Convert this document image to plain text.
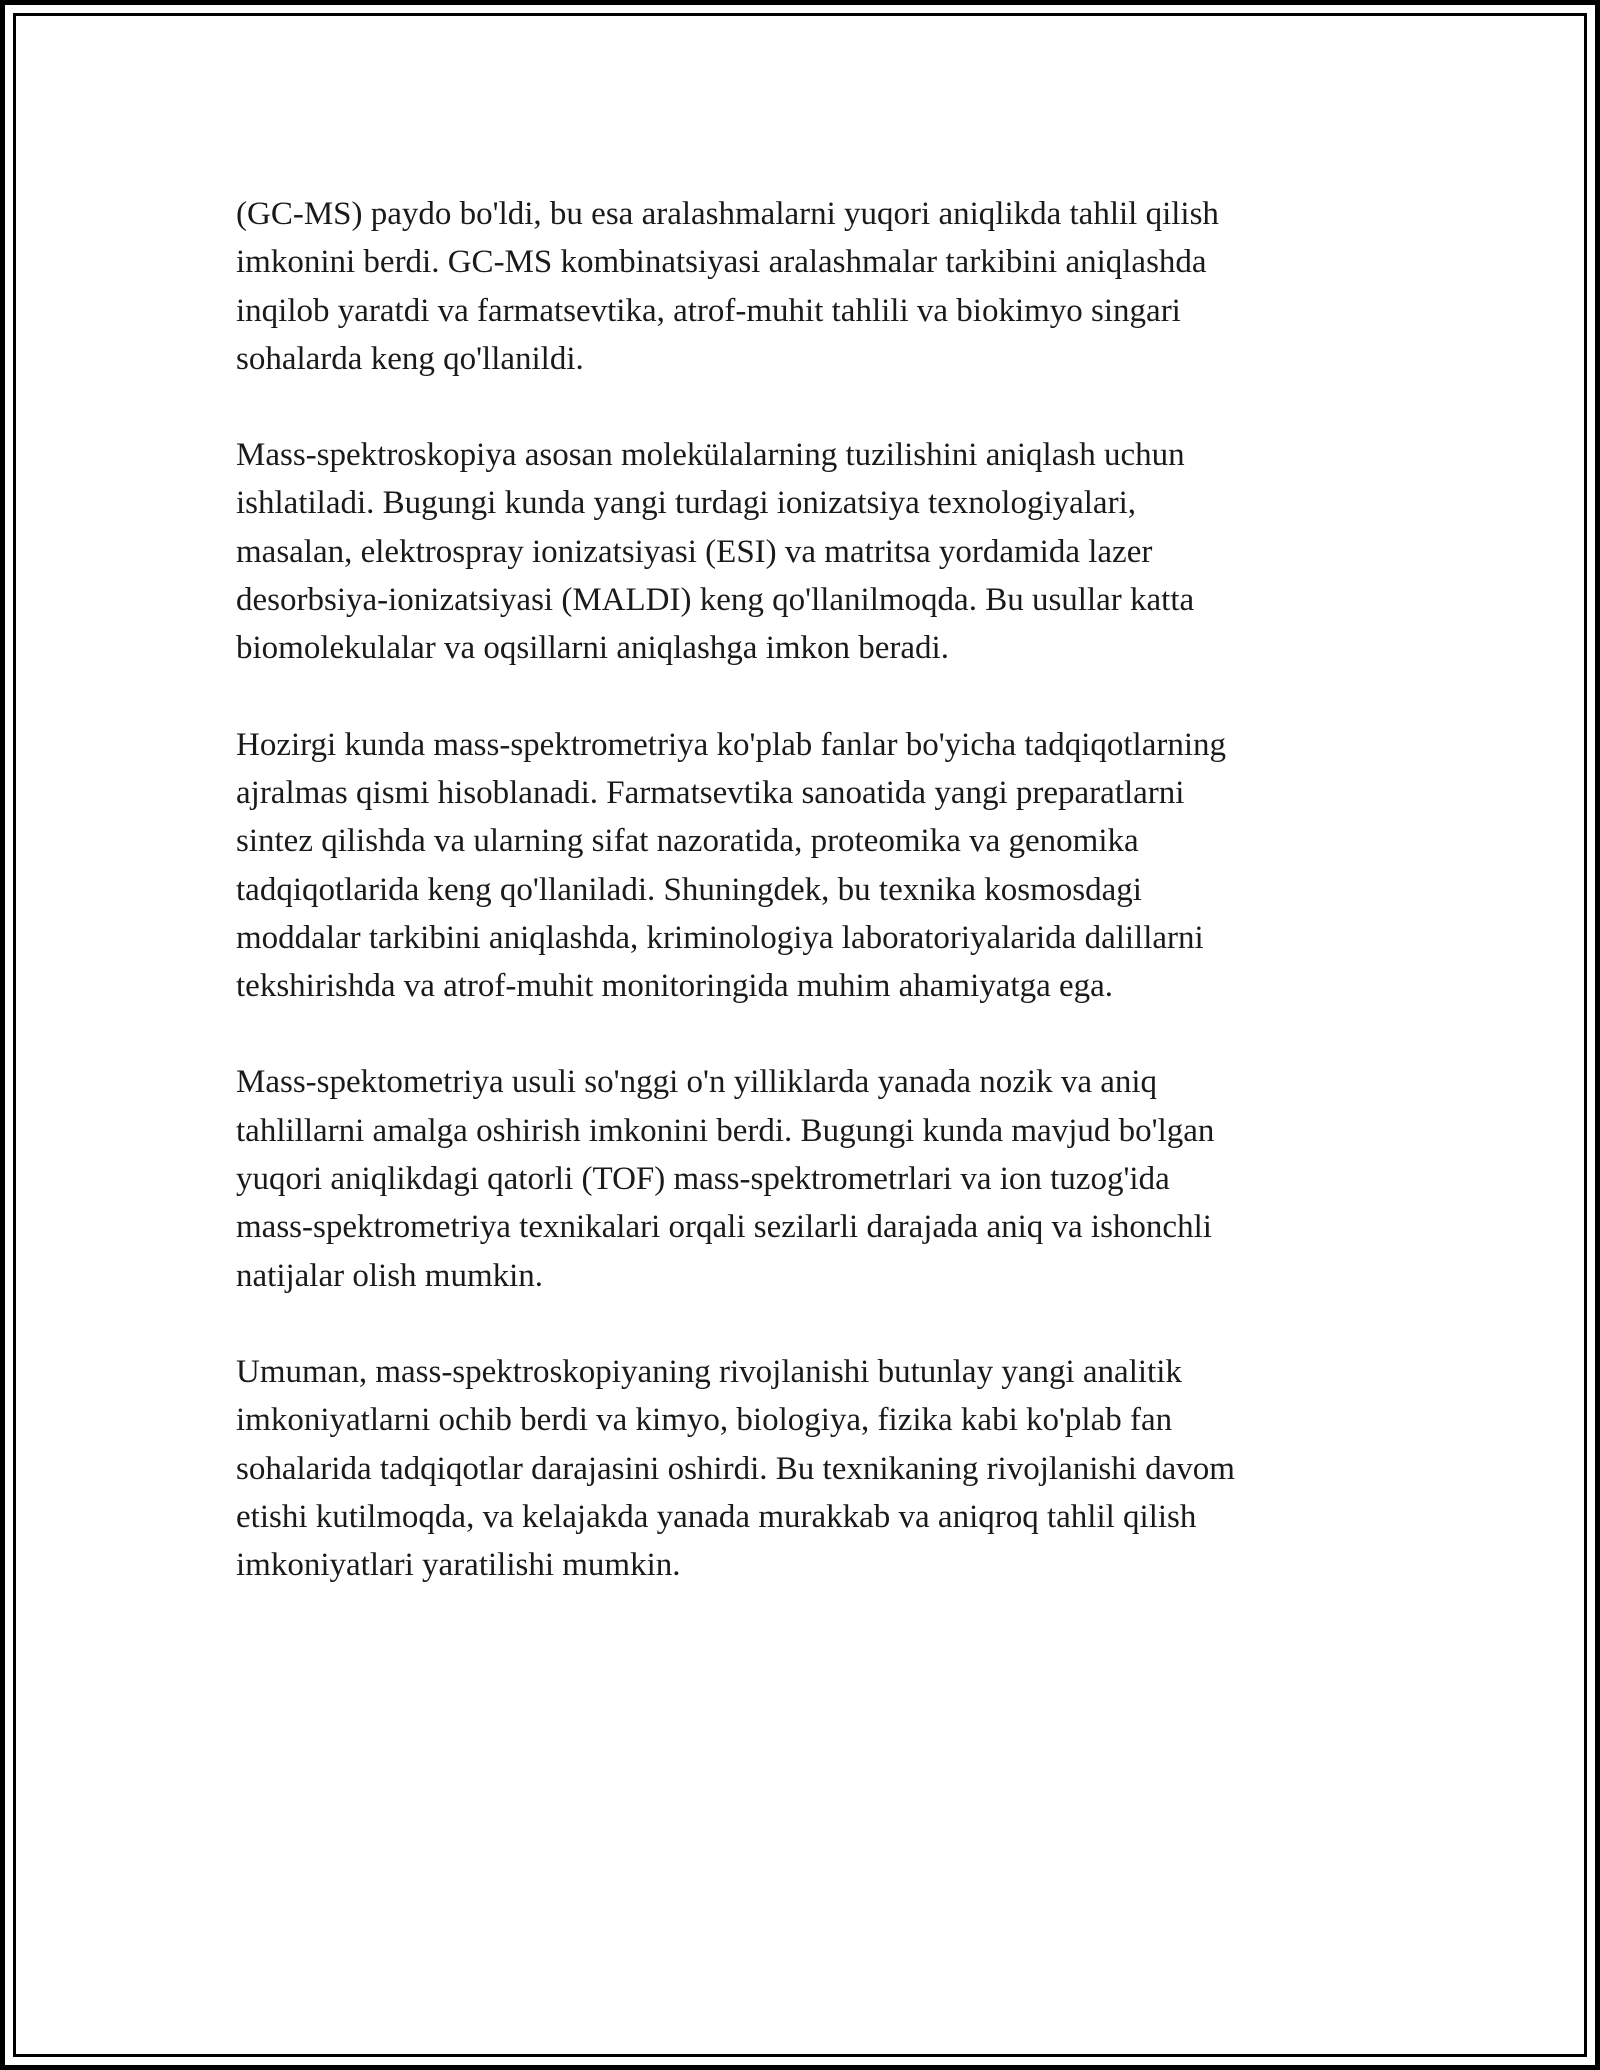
(GC-MS) paydo bo'ldi, bu esa aralashmalarni yuqori aniqlikda tahlil qilish
imkonini berdi. GC-MS kombinatsiyasi aralashmalar tarkibini aniqlashda
inqilob yaratdi va farmatsevtika, atrof-muhit tahlili va biokimyo singari
sohalarda keng qo'llanildi.

Mass-spektroskopiya asosan molekülalarning tuzilishini aniqlash uchun
ishlatiladi. Bugungi kunda yangi turdagi ionizatsiya texnologiyalari,
masalan, elektrospray ionizatsiyasi (ESI) va matritsa yordamida lazer
desorbsiya-ionizatsiyasi (MALDI) keng qo'llanilmoqda. Bu usullar katta
biomolekulalar va oqsillarni aniqlashga imkon beradi.

Hozirgi kunda mass-spektrometriya ko'plab fanlar bo'yicha tadqiqotlarning
ajralmas qismi hisoblanadi. Farmatsevtika sanoatida yangi preparatlarni
sintez qilishda va ularning sifat nazoratida, proteomika va genomika
tadqiqotlarida keng qo'llaniladi. Shuningdek, bu texnika kosmosdagi
moddalar tarkibini aniqlashda, kriminologiya laboratoriyalarida dalillarni
tekshirishda va atrof-muhit monitoringida muhim ahamiyatga ega.

Mass-spektometriya usuli so'nggi o'n yilliklarda yanada nozik va aniq
tahlillarni amalga oshirish imkonini berdi. Bugungi kunda mavjud bo'lgan
yuqori aniqlikdagi qatorli (TOF) mass-spektrometrlari va ion tuzog'ida
mass-spektrometriya texnikalari orqali sezilarli darajada aniq va ishonchli
natijalar olish mumkin.

Umuman, mass-spektroskopiyaning rivojlanishi butunlay yangi analitik
imkoniyatlarni ochib berdi va kimyo, biologiya, fizika kabi ko'plab fan
sohalarida tadqiqotlar darajasini oshirdi. Bu texnikaning rivojlanishi davom
etishi kutilmoqda, va kelajakda yanada murakkab va aniqroq tahlil qilish
imkoniyatlari yaratilishi mumkin.
